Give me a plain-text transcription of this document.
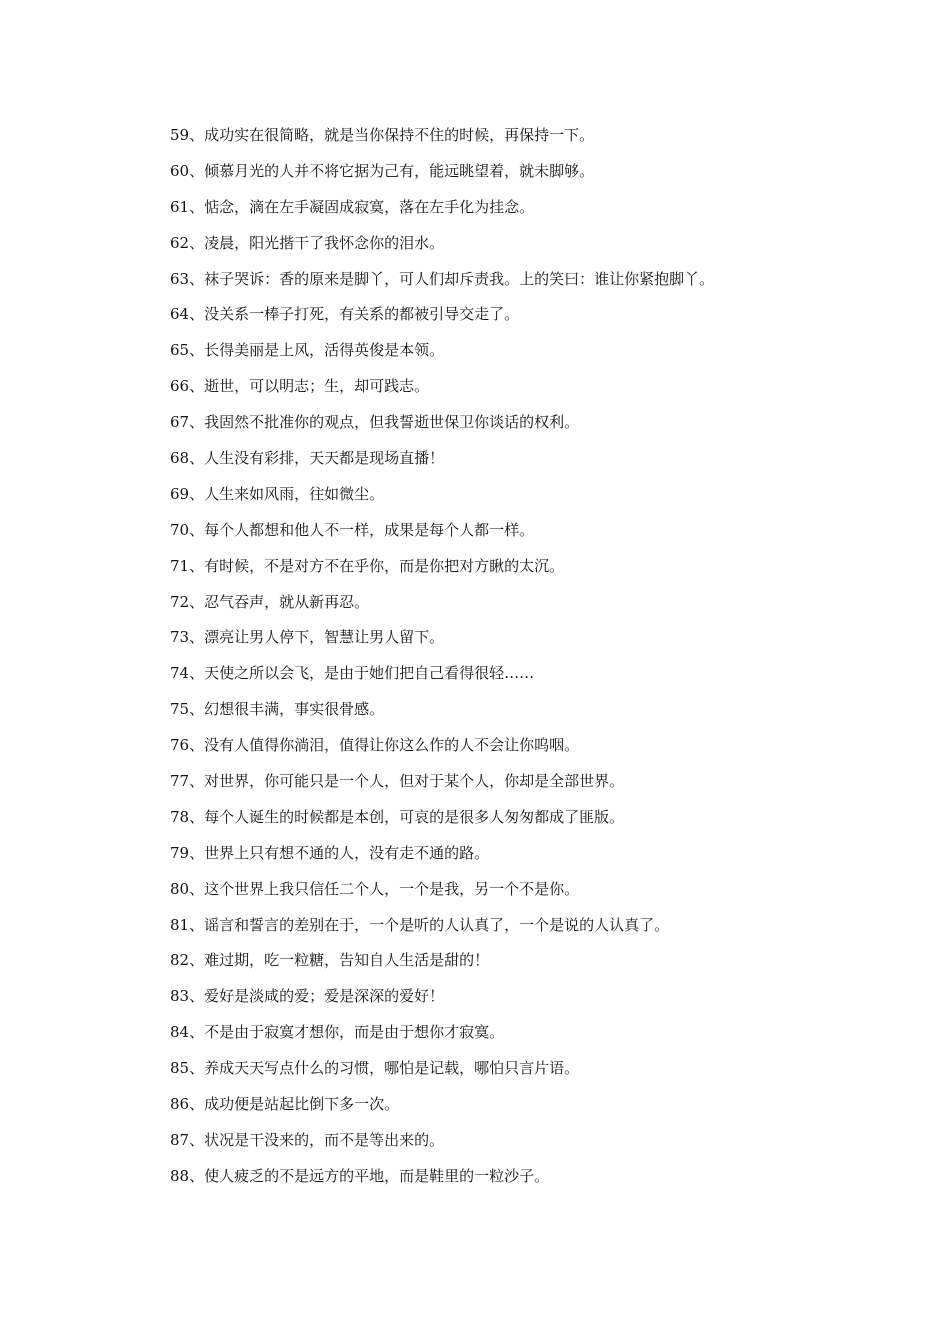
59、成功实在很简略，就是当你保持不住的时候，再保持一下。
60、倾慕月光的人并不将它据为己有，能远眺望着，就未脚够。
61、惦念，滴在左手凝固成寂寞，落在左手化为挂念。
62、凌晨，阳光揩干了我怀念你的泪水。
63、袜子哭诉：香的原来是脚丫，可人们却斥责我。上的笑曰：谁让你紧抱脚丫。
64、没关系一棒子打死，有关系的都被引导交走了。
65、长得美丽是上风，活得英俊是本领。
66、逝世，可以明志；生，却可践志。
67、我固然不批准你的观点，但我誓逝世保卫你谈话的权利。
68、人生没有彩排，天天都是现场直播！
69、人生来如风雨，往如微尘。
70、每个人都想和他人不一样，成果是每个人都一样。
71、有时候，不是对方不在乎你，而是你把对方瞅的太沉。
72、忍气吞声，就从新再忍。
73、漂亮让男人停下，智慧让男人留下。
74、天使之所以会飞，是由于她们把自己看得很轻……
75、幻想很丰满，事实很骨感。
76、没有人值得你淌泪，值得让你这么作的人不会让你呜咽。
77、对世界，你可能只是一个人，但对于某个人，你却是全部世界。
78、每个人诞生的时候都是本创，可哀的是很多人匆匆都成了匪版。
79、世界上只有想不通的人，没有走不通的路。
80、这个世界上我只信任二个人，一个是我，另一个不是你。
81、谣言和誓言的差别在于，一个是听的人认真了，一个是说的人认真了。
82、难过期，吃一粒糖，告知自人生活是甜的！
83、爱好是淡咸的爱；爱是深深的爱好！
84、不是由于寂寞才想你，而是由于想你才寂寞。
85、养成天天写点什么的习惯，哪怕是记载，哪怕只言片语。
86、成功便是站起比倒下多一次。
87、状况是干没来的，而不是等出来的。
88、使人疲乏的不是远方的平地，而是鞋里的一粒沙子。
